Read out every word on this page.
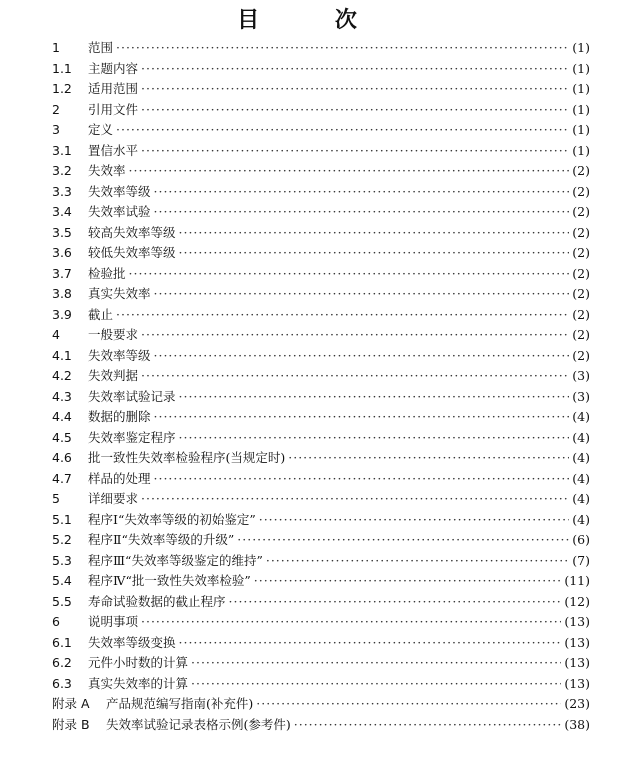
目 次
1	范围 ·····	(1)
1.1	主题内容 ·····	(1)
1.2	适用范围 ·····	(1)
2	引用文件 ·····	(1)
3	定义 ·····	(1)
3.1	置信水平 ·····	(1)
3.2	失效率 ·····	(2)
3.3	失效率等级 ·····	(2)
3.4	失效率试验 ·····	(2)
3.5	较高失效率等级 ·····	(2)
3.6	较低失效率等级 ·····	(2)
3.7	检验批 ·····	(2)
3.8	真实失效率 ·····	(2)
3.9	截止 ·····	(2)
4	一般要求 ·····	(2)
4.1	失效率等级 ·····	(2)
4.2	失效判据 ·····	(3)
4.3	失效率试验记录 ·····	(3)
4.4	数据的删除 ·····	(4)
4.5	失效率鉴定程序 ·····	(4)
4.6	批一致性失效率检验程序(当规定时) ·····	(4)
4.7	样品的处理 ·····	(4)
5	详细要求 ·····	(4)
5.1	程序Ⅰ“失效率等级的初始鉴定” ·····	(4)
5.2	程序Ⅱ“失效率等级的升级” ·····	(6)
5.3	程序Ⅲ“失效率等级鉴定的维持” ·····	(7)
5.4	程序Ⅳ“批一致性失效率检验” ·····	(11)
5.5	寿命试验数据的截止程序 ·····	(12)
6	说明事项 ·····	(13)
6.1	失效率等级变换 ·····	(13)
6.2	元件小时数的计算 ·····	(13)
6.3	真实失效率的计算 ·····	(13)
附录 A	产品规范编写指南(补充件) ·····	(23)
附录 B	失效率试验记录表格示例(参考件) ·····	(38)
